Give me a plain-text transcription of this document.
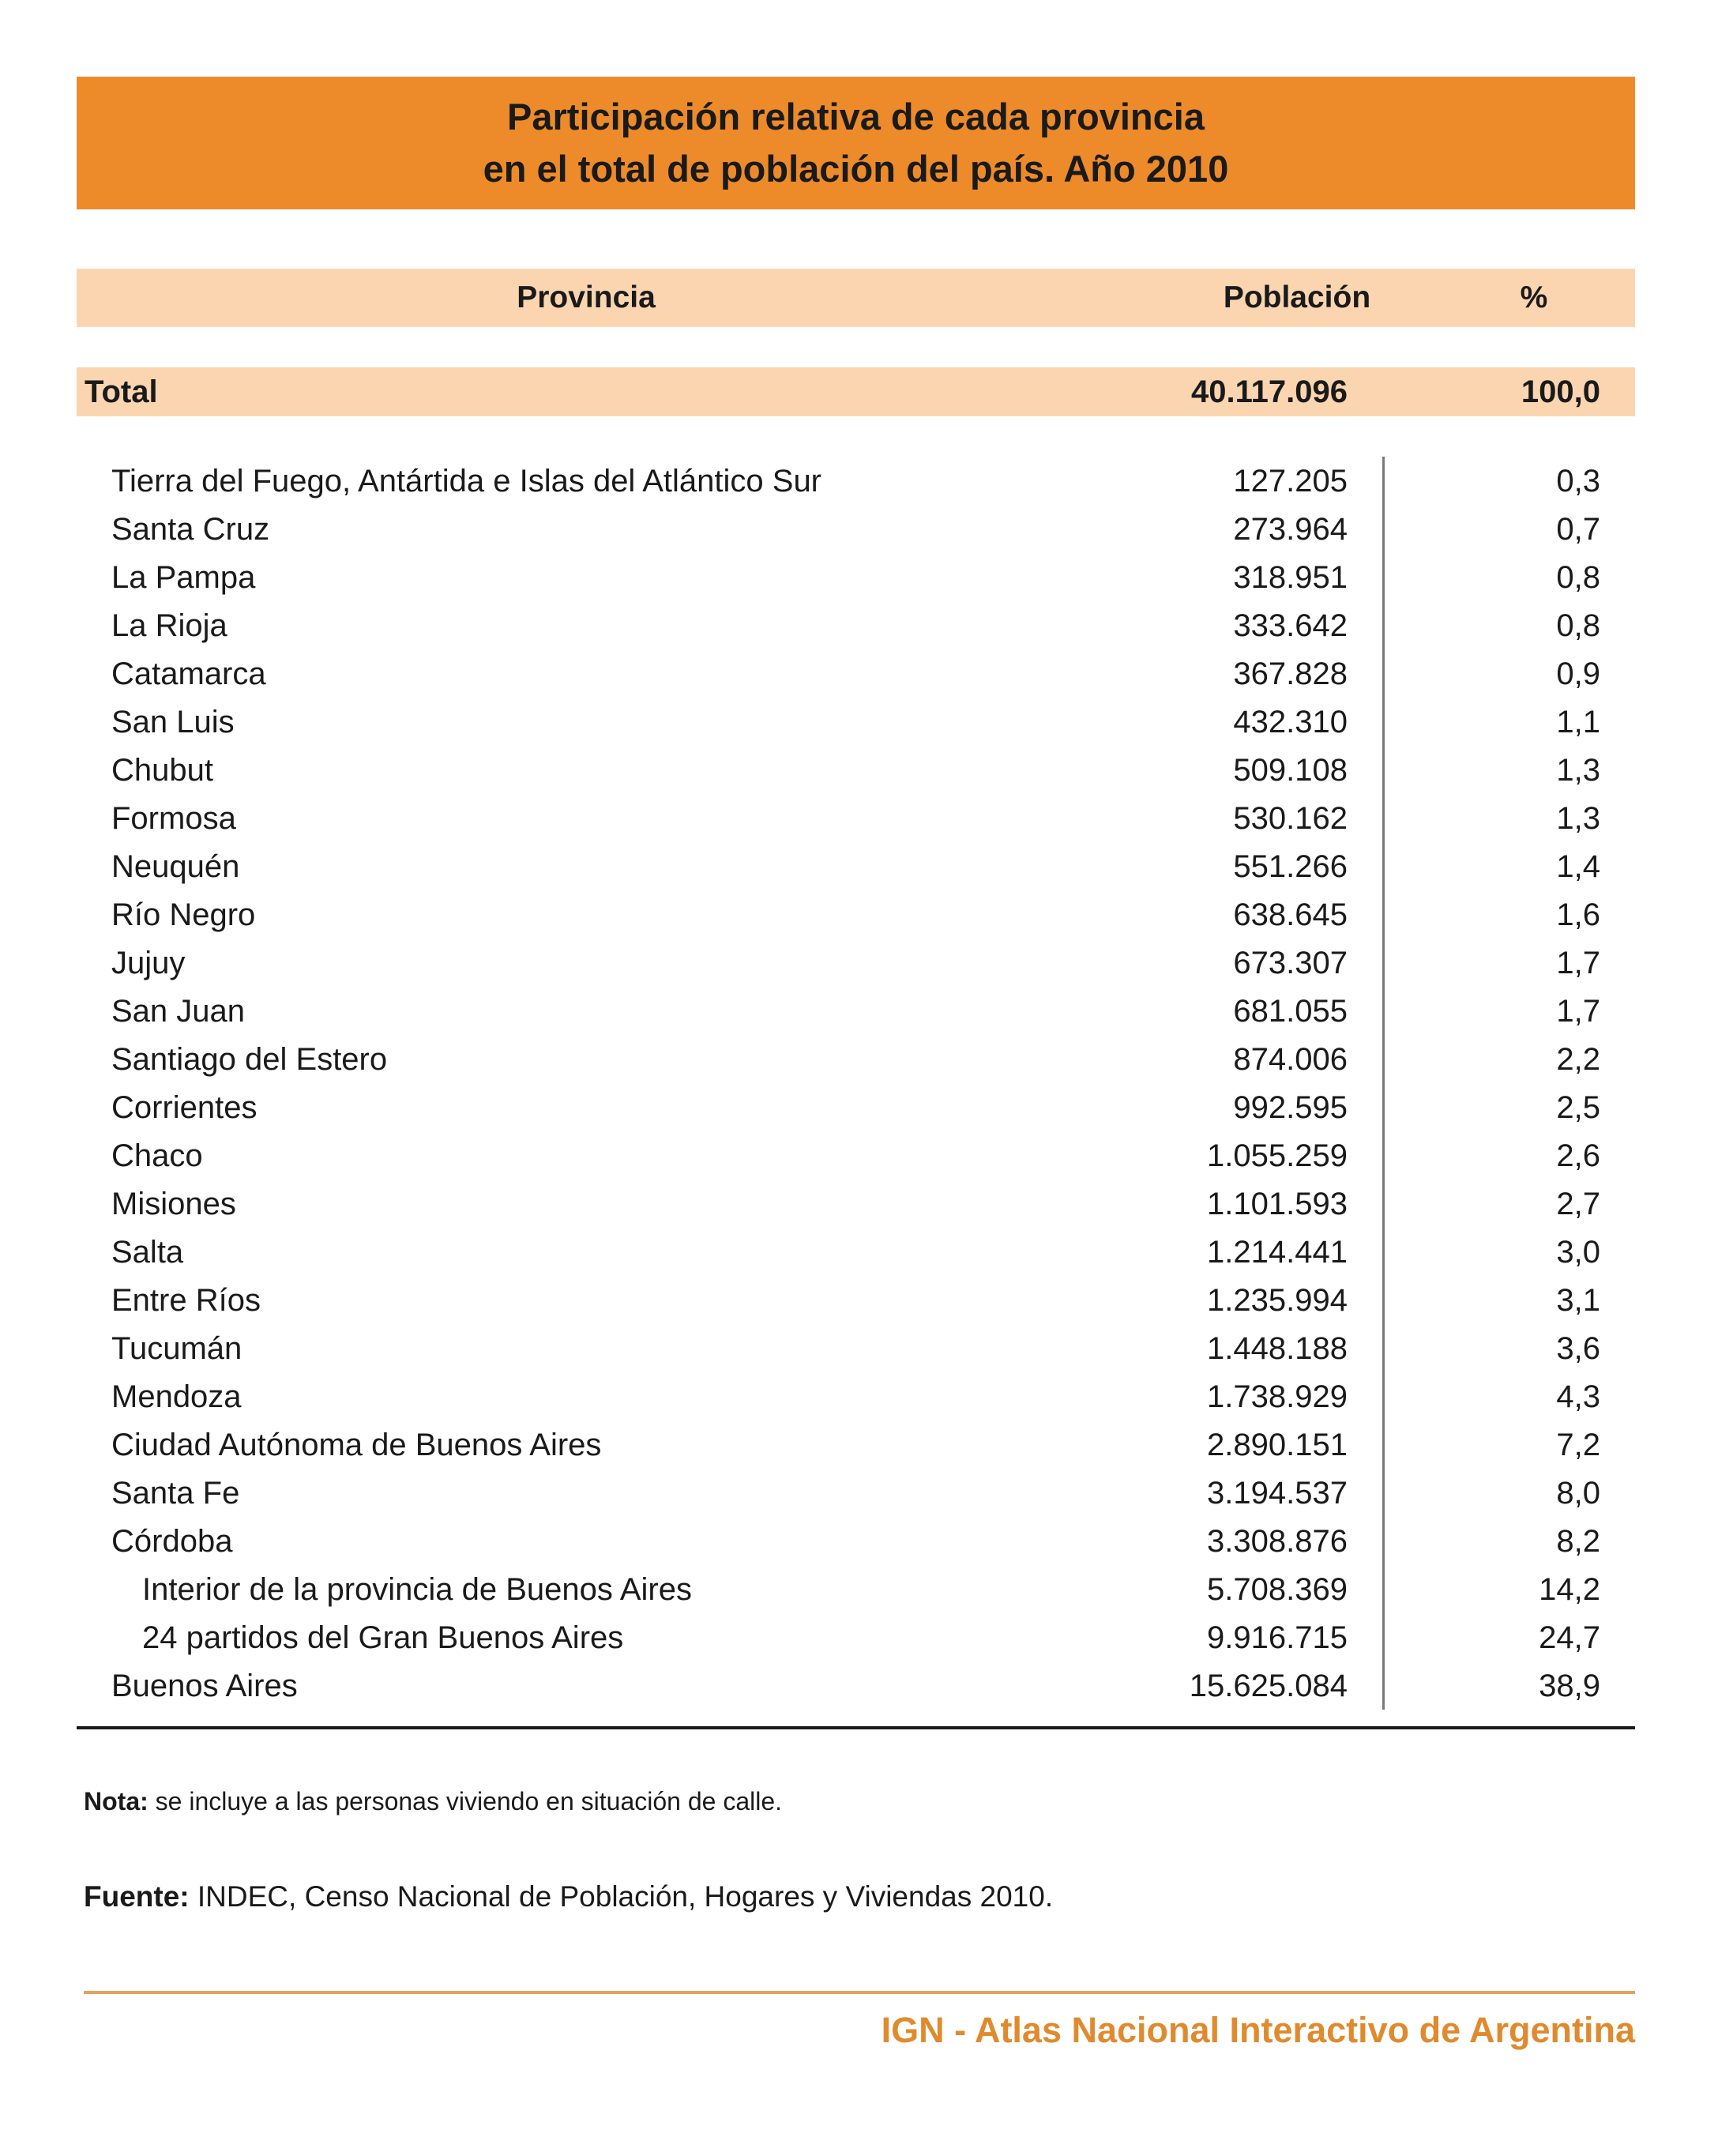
Participación relativa de cada provincia
en el total de población del país. Año 2010
Provincia	Población	%
Total	40.117.096	100,0
Tierra del Fuego, Antártida e Islas del Atlántico Sur	127.205	0,3
Santa Cruz	273.964	0,7
La Pampa	318.951	0,8
La Rioja	333.642	0,8
Catamarca	367.828	0,9
San Luis	432.310	1,1
Chubut	509.108	1,3
Formosa	530.162	1,3
Neuquén	551.266	1,4
Río Negro	638.645	1,6
Jujuy	673.307	1,7
San Juan	681.055	1,7
Santiago del Estero	874.006	2,2
Corrientes	992.595	2,5
Chaco	1.055.259	2,6
Misiones	1.101.593	2,7
Salta	1.214.441	3,0
Entre Ríos	1.235.994	3,1
Tucumán	1.448.188	3,6
Mendoza	1.738.929	4,3
Ciudad Autónoma de Buenos Aires	2.890.151	7,2
Santa Fe	3.194.537	8,0
Córdoba	3.308.876	8,2
Interior de la provincia de Buenos Aires	5.708.369	14,2
24 partidos del Gran Buenos Aires	9.916.715	24,7
Buenos Aires	15.625.084	38,9
Nota: se incluye a las personas viviendo en situación de calle.
Fuente: INDEC, Censo Nacional de Población, Hogares y Viviendas 2010.
IGN - Atlas Nacional Interactivo de Argentina
